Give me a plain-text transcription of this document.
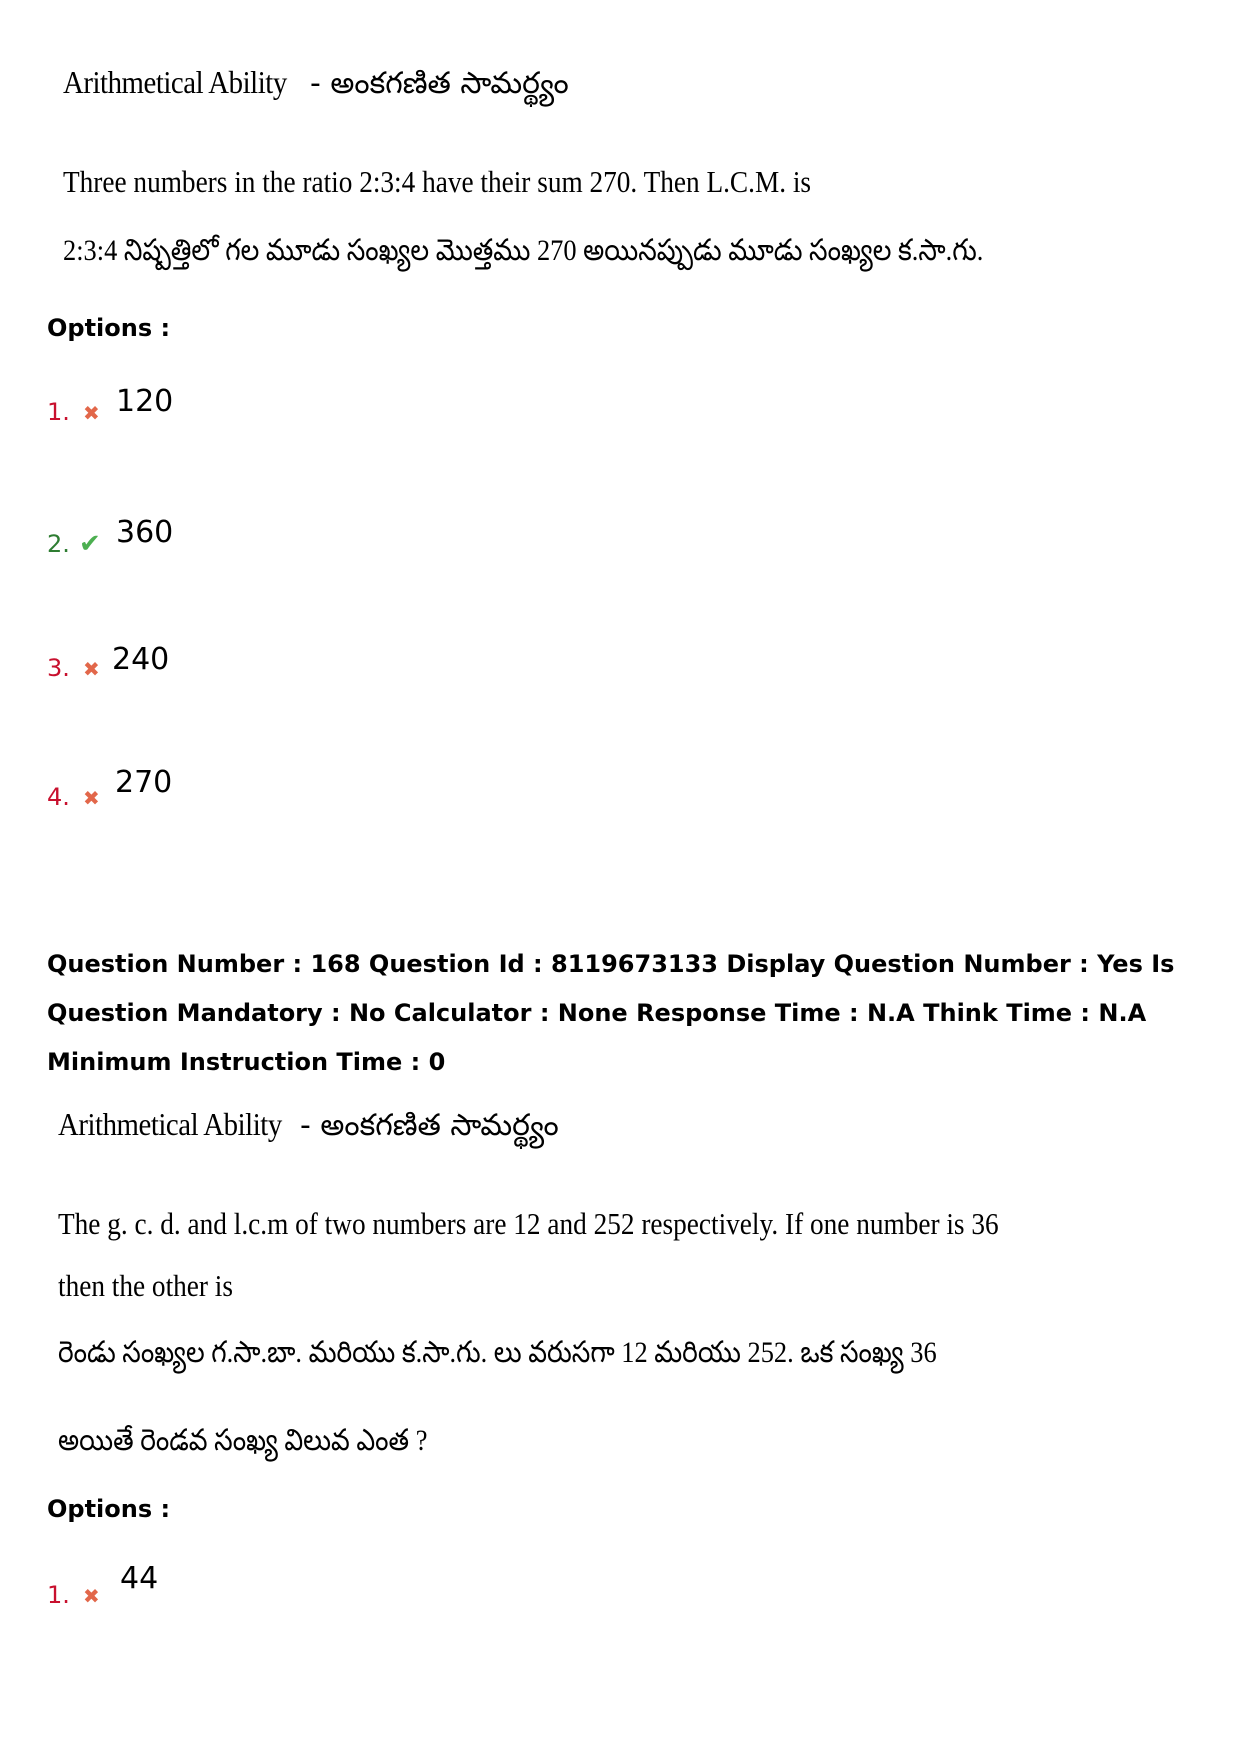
Arithmetical Ability - అంకగణిత సామర్థ్యం
Three numbers in the ratio 2:3:4 have their sum 270. Then L.C.M. is
2:3:4 నిష్పత్తిలో గల మూడు సంఖ్యల మొత్తము 270 అయినప్పుడు మూడు సంఖ్యల క.సా.గు.
Options :
1. ✖ 120
2. ✔ 360
3. ✖ 240
4. ✖ 270
Question Number : 168 Question Id : 8119673133 Display Question Number : Yes Is Question Mandatory : No Calculator : None Response Time : N.A Think Time : N.A Minimum Instruction Time : 0
Arithmetical Ability - అంకగణిత సామర్థ్యం
The g. c. d. and l.c.m of two numbers are 12 and 252 respectively. If one number is 36
then the other is
రెండు సంఖ్యల గ.సా.బా. మరియు క.సా.గు. లు వరుసగా 12 మరియు 252. ఒక సంఖ్య 36
అయితే రెండవ సంఖ్య విలువ ఎంత ?
Options :
1. ✖ 44
